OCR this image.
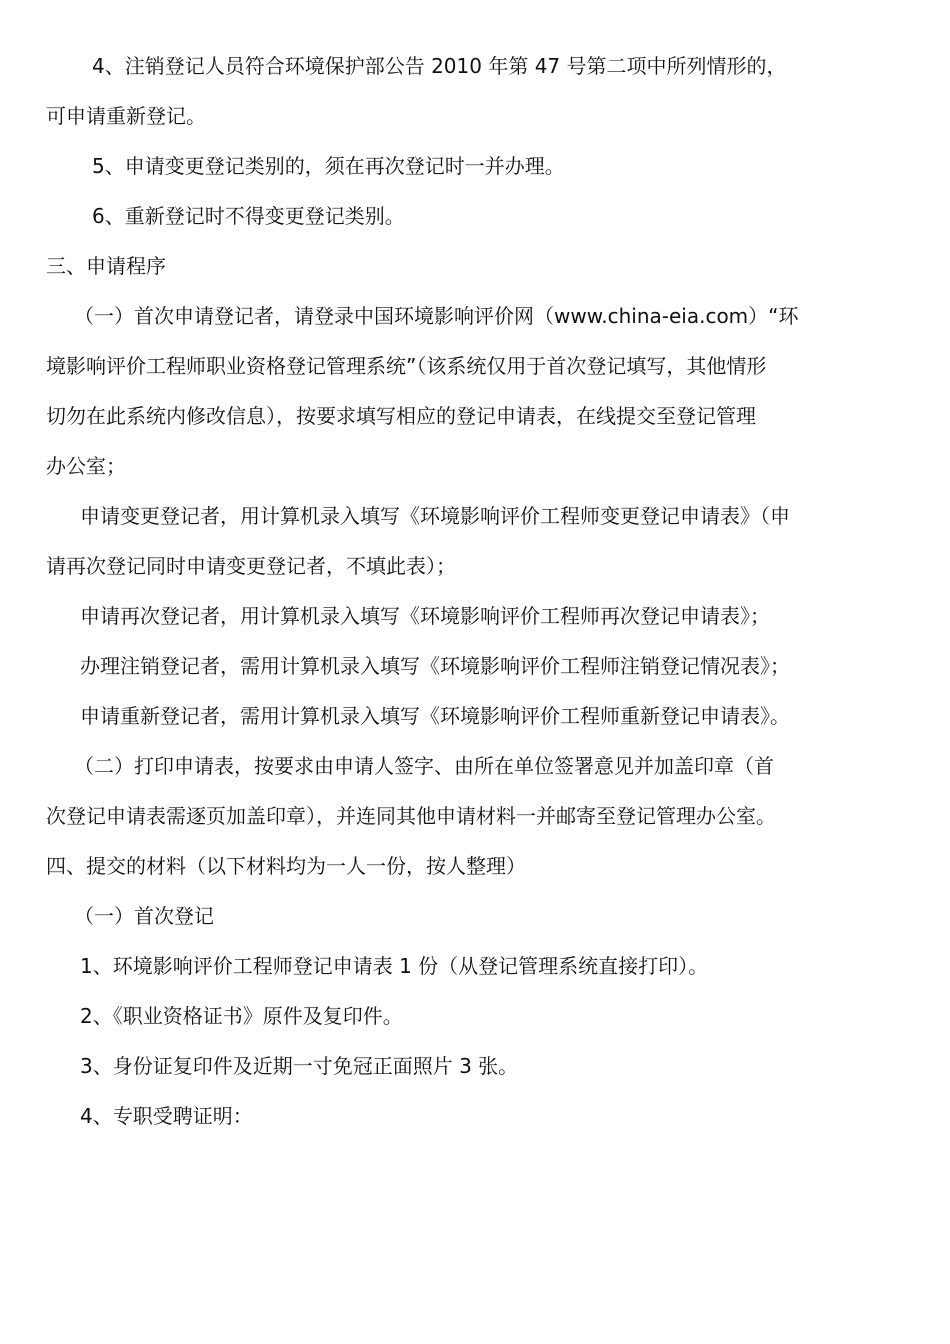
4、注销登记人员符合环境保护部公告 2010 年第 47 号第二项中所列情形的，

可申请重新登记。

5、申请变更登记类别的，须在再次登记时一并办理。

6、重新登记时不得变更登记类别。

三、申请程序

（一）首次申请登记者，请登录中国环境影响评价网（www.china-eia.com）“环

境影响评价工程师职业资格登记管理系统”（该系统仅用于首次登记填写，其他情形

切勿在此系统内修改信息），按要求填写相应的登记申请表，在线提交至登记管理

办公室；

申请变更登记者，用计算机录入填写《环境影响评价工程师变更登记申请表》（申

请再次登记同时申请变更登记者，不填此表）；

申请再次登记者，用计算机录入填写《环境影响评价工程师再次登记申请表》；

办理注销登记者，需用计算机录入填写《环境影响评价工程师注销登记情况表》；

申请重新登记者，需用计算机录入填写《环境影响评价工程师重新登记申请表》。

（二）打印申请表，按要求由申请人签字、由所在单位签署意见并加盖印章（首

次登记申请表需逐页加盖印章），并连同其他申请材料一并邮寄至登记管理办公室。

四、提交的材料（以下材料均为一人一份，按人整理）

（一）首次登记

1、环境影响评价工程师登记申请表 1 份（从登记管理系统直接打印）。

2、《职业资格证书》原件及复印件。

3、身份证复印件及近期一寸免冠正面照片 3 张。

4、专职受聘证明：
